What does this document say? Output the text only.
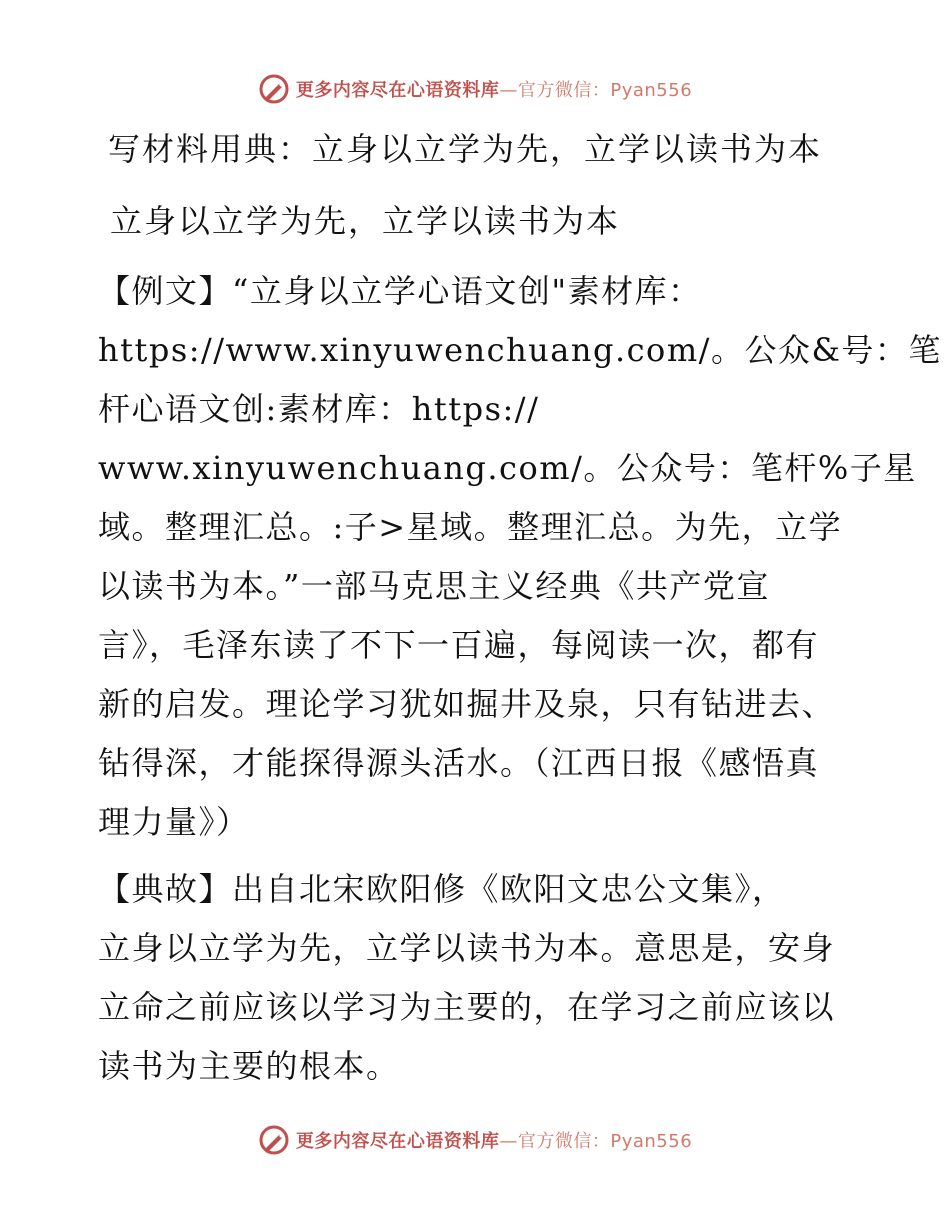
更多内容尽在心语资料库—官方微信：Pyan556
写材料用典：立身以立学为先，立学以读书为本
立身以立学为先，立学以读书为本
【例文】“立身以立学心语文创"素材库：
https://www.xinyuwenchuang.com/。公众&号：笔
杆心语文创:素材库：https://
www.xinyuwenchuang.com/。公众号：笔杆%子星
域。整理汇总。:子>星域。整理汇总。为先，立学
以读书为本。”一部马克思主义经典《共产党宣
言》，毛泽东读了不下一百遍，每阅读一次，都有
新的启发。理论学习犹如掘井及泉，只有钻进去、
钻得深，才能探得源头活水。（江西日报《感悟真
理力量》）
【典故】出自北宋欧阳修《欧阳文忠公文集》，
立身以立学为先，立学以读书为本。意思是，安身
立命之前应该以学习为主要的，在学习之前应该以
读书为主要的根本。
更多内容尽在心语资料库—官方微信：Pyan556
